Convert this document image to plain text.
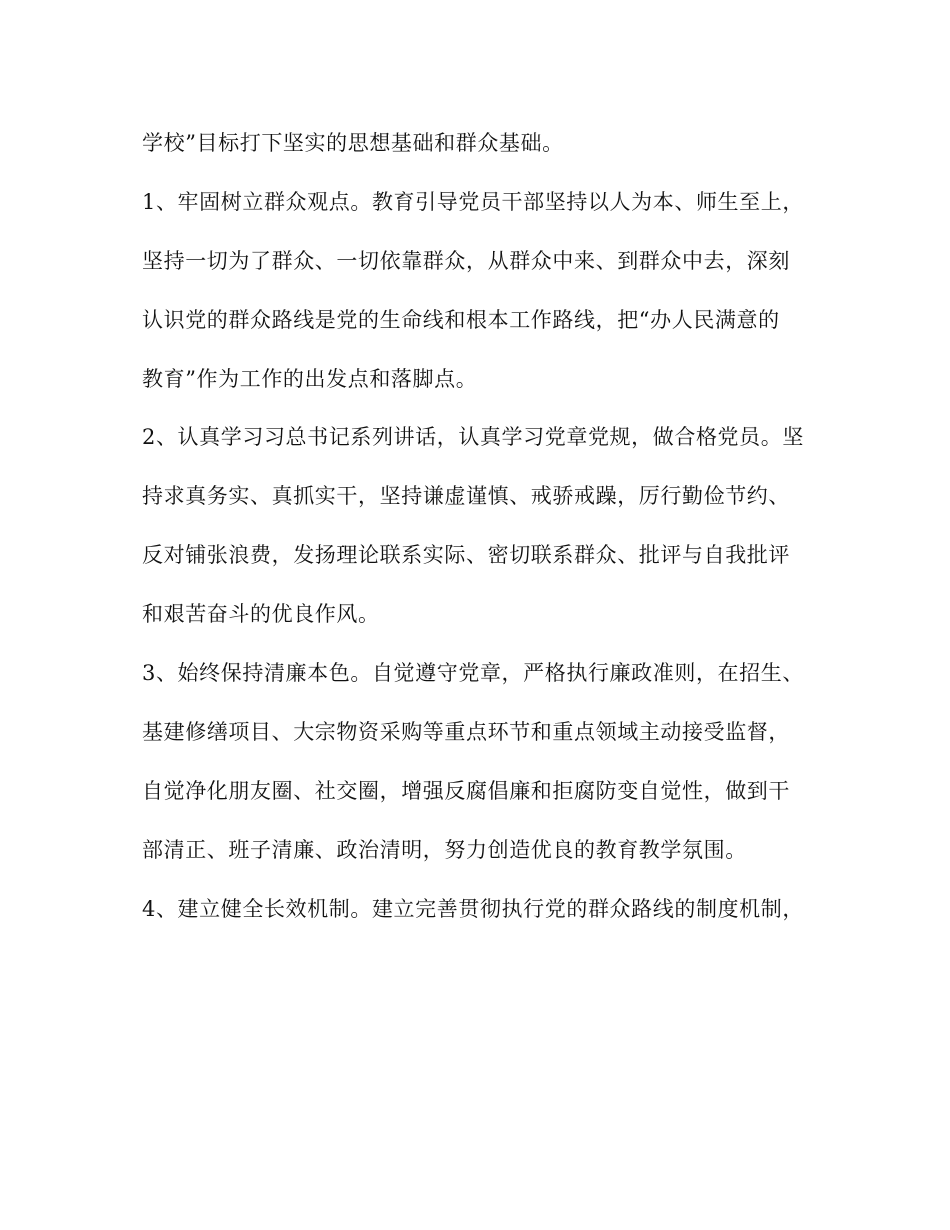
学校”目标打下坚实的思想基础和群众基础。
1、牢固树立群众观点。教育引导党员干部坚持以人为本、师生至上，
坚持一切为了群众、一切依靠群众，从群众中来、到群众中去，深刻
认识党的群众路线是党的生命线和根本工作路线，把“办人民满意的
教育”作为工作的出发点和落脚点。
2、认真学习习总书记系列讲话，认真学习党章党规，做合格党员。坚
持求真务实、真抓实干，坚持谦虚谨慎、戒骄戒躁，厉行勤俭节约、
反对铺张浪费，发扬理论联系实际、密切联系群众、批评与自我批评
和艰苦奋斗的优良作风。
3、始终保持清廉本色。自觉遵守党章，严格执行廉政准则，在招生、
基建修缮项目、大宗物资采购等重点环节和重点领域主动接受监督，
自觉净化朋友圈、社交圈，增强反腐倡廉和拒腐防变自觉性，做到干
部清正、班子清廉、政治清明，努力创造优良的教育教学氛围。
4、建立健全长效机制。建立完善贯彻执行党的群众路线的制度机制，
